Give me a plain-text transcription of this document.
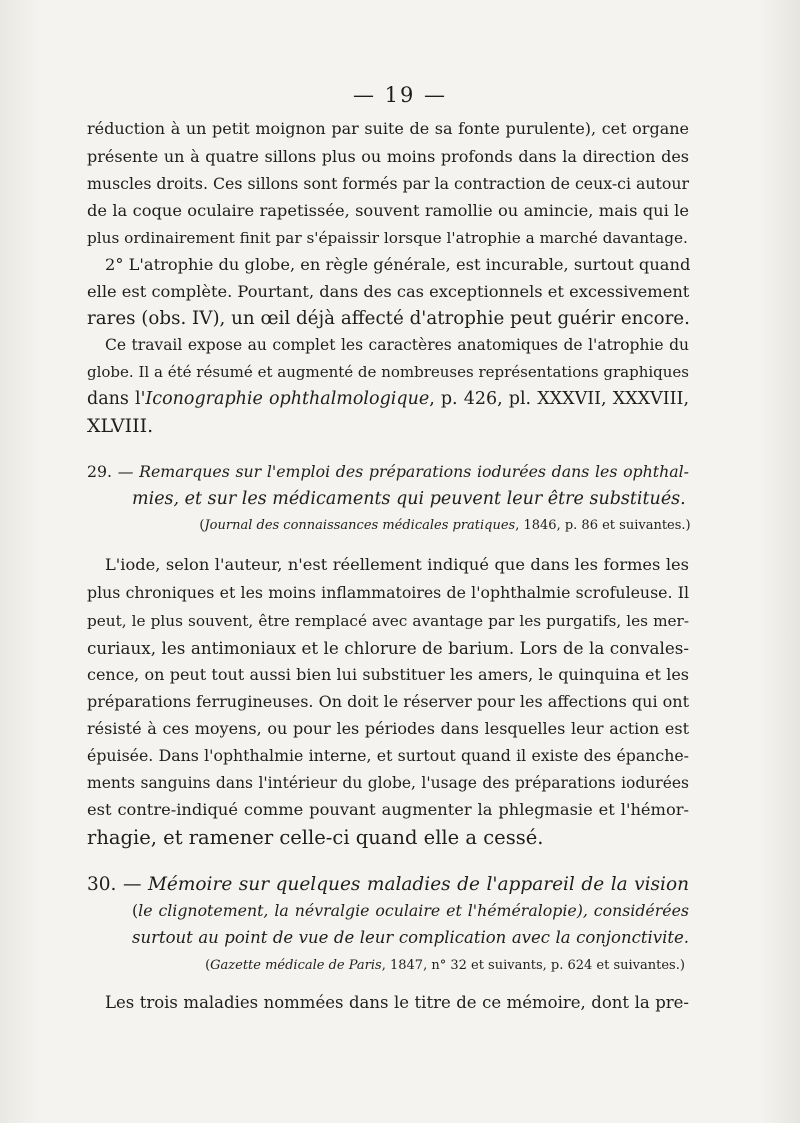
— 19 —
réduction à un petit moignon par suite de sa fonte purulente), cet organe
présente un à quatre sillons plus ou moins profonds dans la direction des
muscles droits. Ces sillons sont formés par la contraction de ceux-ci autour
de la coque oculaire rapetissée, souvent ramollie ou amincie, mais qui le
plus ordinairement finit par s'épaissir lorsque l'atrophie a marché davantage.
2° L'atrophie du globe, en règle générale, est incurable, surtout quand
elle est complète. Pourtant, dans des cas exceptionnels et excessivement
rares (obs. IV), un œil déjà affecté d'atrophie peut guérir encore.
Ce travail expose au complet les caractères anatomiques de l'atrophie du
globe. Il a été résumé et augmenté de nombreuses représentations graphiques
dans l'Iconographie ophthalmologique, p. 426, pl. XXXVII, XXXVIII,
XLVIII.
29. — Remarques sur l'emploi des préparations iodurées dans les ophthal-
mies, et sur les médicaments qui peuvent leur être substitués.
(Journal des connaissances médicales pratiques, 1846, p. 86 et suivantes.)
L'iode, selon l'auteur, n'est réellement indiqué que dans les formes les
plus chroniques et les moins inflammatoires de l'ophthalmie scrofuleuse. Il
peut, le plus souvent, être remplacé avec avantage par les purgatifs, les mer-
curiaux, les antimoniaux et le chlorure de barium. Lors de la convales-
cence, on peut tout aussi bien lui substituer les amers, le quinquina et les
préparations ferrugineuses. On doit le réserver pour les affections qui ont
résisté à ces moyens, ou pour les périodes dans lesquelles leur action est
épuisée. Dans l'ophthalmie interne, et surtout quand il existe des épanche-
ments sanguins dans l'intérieur du globe, l'usage des préparations iodurées
est contre-indiqué comme pouvant augmenter la phlegmasie et l'hémor-
rhagie, et ramener celle-ci quand elle a cessé.
30. — Mémoire sur quelques maladies de l'appareil de la vision
(le clignotement, la névralgie oculaire et l'héméralopie), considérées
surtout au point de vue de leur complication avec la conjonctivite.
(Gazette médicale de Paris, 1847, n° 32 et suivants, p. 624 et suivantes.)
Les trois maladies nommées dans le titre de ce mémoire, dont la pre-
